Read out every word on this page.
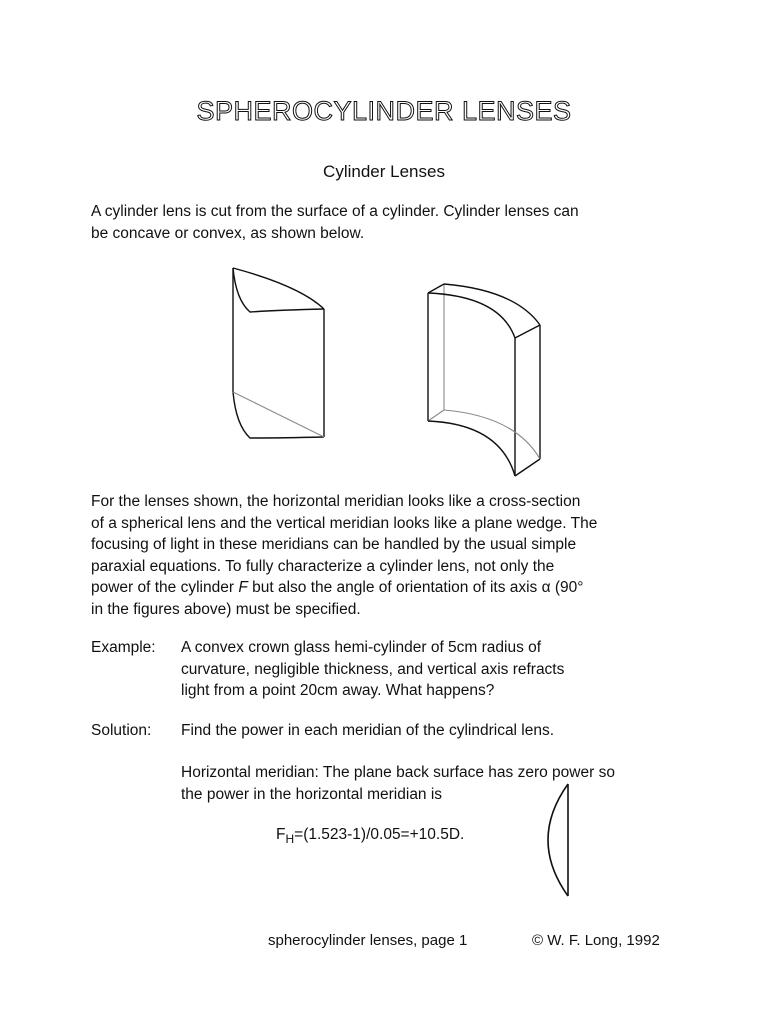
SPHEROCYLINDER LENSES
Cylinder Lenses
A cylinder lens is cut from the surface of a cylinder. Cylinder lenses can
be concave or convex, as shown below.
For the lenses shown, the horizontal meridian looks like a cross-section
of a spherical lens and the vertical meridian looks like a plane wedge. The
focusing of light in these meridians can be handled by the usual simple
paraxial equations. To fully characterize a cylinder lens, not only the
power of the cylinder F but also the angle of orientation of its axis α (90°
in the figures above) must be specified.
Example: A convex crown glass hemi-cylinder of 5cm radius of
curvature, negligible thickness, and vertical axis refracts
light from a point 20cm away. What happens?
Solution: Find the power in each meridian of the cylindrical lens.
Horizontal meridian: The plane back surface has zero power so
the power in the horizontal meridian is
$F_H=(1.523-1)/0.05=+10.5D$.
spherocylinder lenses, page 1	© W. F. Long, 1992
